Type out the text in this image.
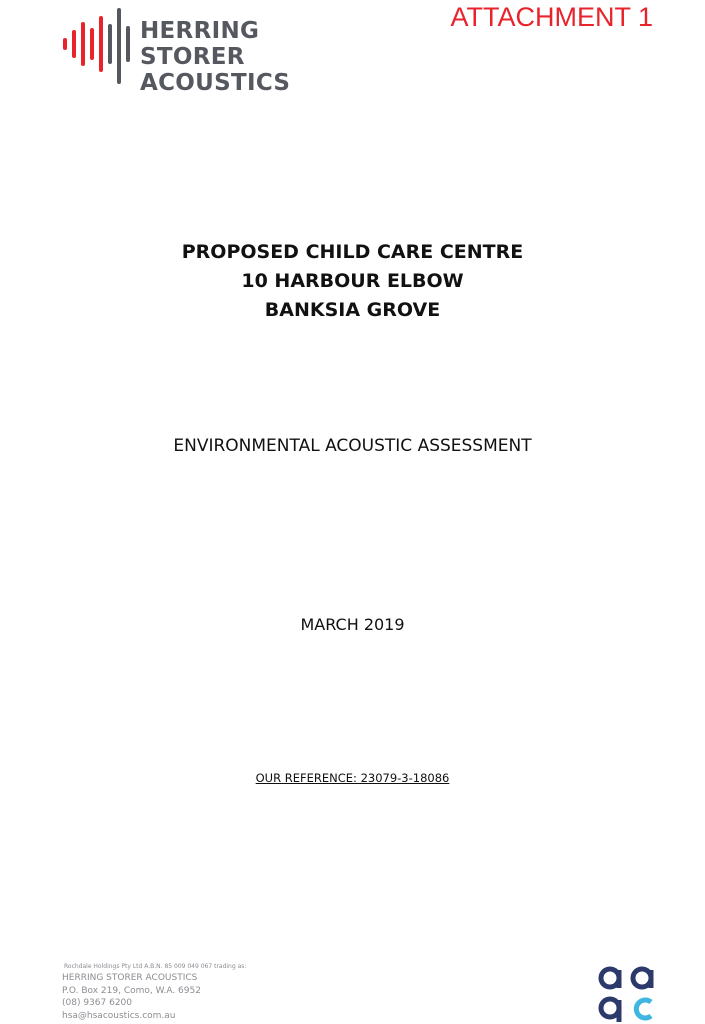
HERRING STORER
ACOUSTICS
ATTACHMENT 1
PROPOSED CHILD CARE CENTRE
10 HARBOUR ELBOW
BANKSIA GROVE
ENVIRONMENTAL ACOUSTIC ASSESSMENT
MARCH 2019
OUR REFERENCE: 23079-3-18086
Rochdale Holdings Pty Ltd A.B.N. 85 009 049 067 trading as:
HERRING STORER ACOUSTICS
P.O. Box 219, Como, W.A. 6952
(08) 9367 6200
hsa@hsacoustics.com.au
